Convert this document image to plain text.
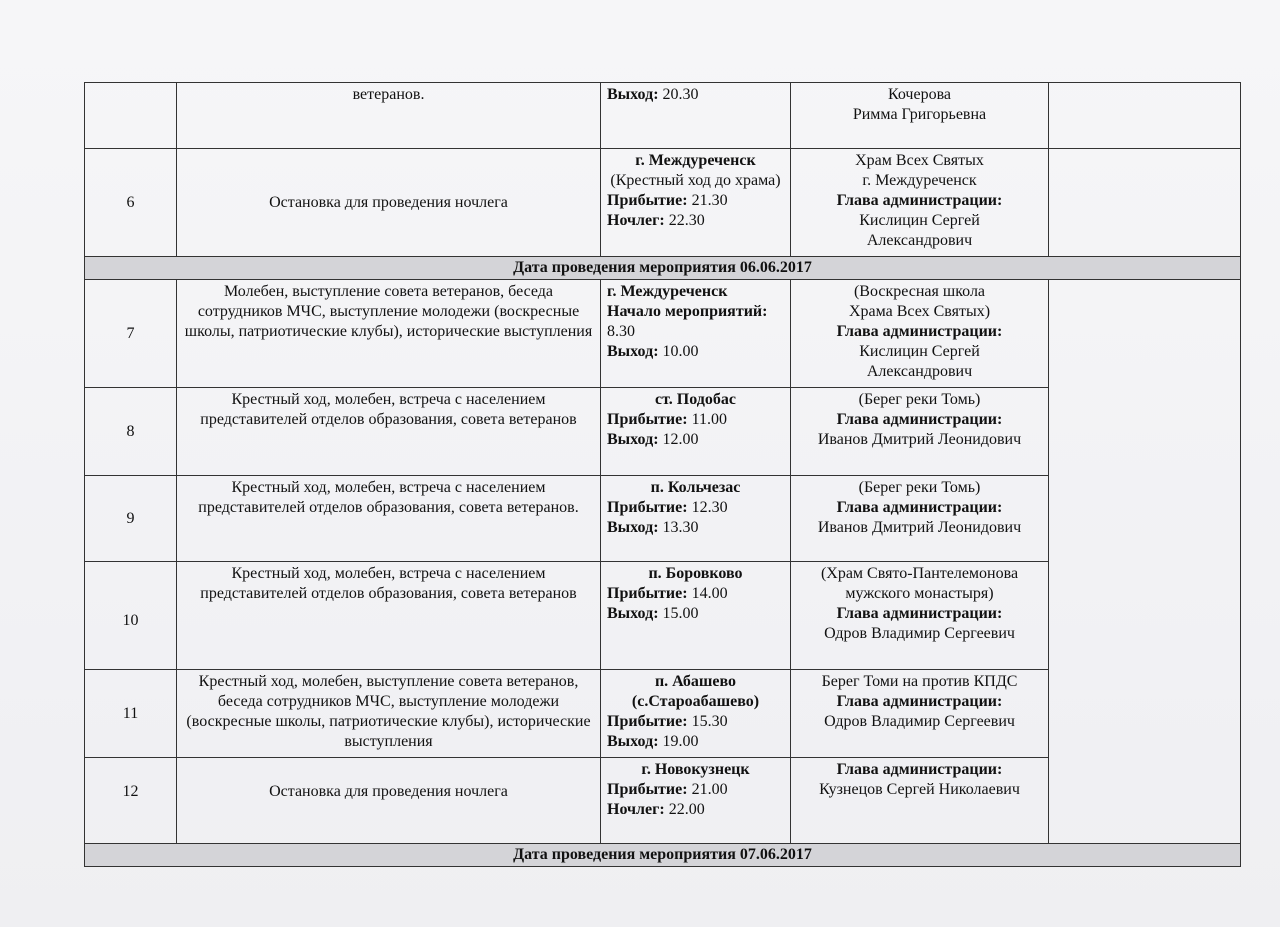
	ветеранов.	Выход: 20.30	Кочерова
Римма Григорьевна	

6	Остановка для проведения ночлега	г. Междуреченск
(Крестный ход до храма)
Прибытие: 21.30
Ночлег: 22.30	Храм Всех Святых
г. Междуреченск
Глава администрации:
Кислицин Сергей
Александрович	

Дата проведения мероприятия 06.06.2017				
7	Молебен, выступление совета ветеранов, беседа сотрудников МЧС, выступление молодежи (воскресные школы, патриотические клубы), исторические выступления	г. Междуреченск
Начало мероприятий: 8.30
Выход: 10.00	(Воскресная школа
Храма Всех Святых)
Глава администрации:
Кислицин Сергей
Александрович	

8	Крестный ход, молебен, встреча с населением представителей отделов образования, совета ветеранов	ст. Подобас
Прибытие: 11.00
Выход: 12.00	(Берег реки Томь)
Глава администрации:
Иванов Дмитрий Леонидович	

9	Крестный ход, молебен, встреча с населением представителей отделов образования, совета ветеранов.	п. Кольчезас
Прибытие: 12.30
Выход: 13.30	(Берег реки Томь)
Глава администрации:
Иванов Дмитрий Леонидович	

10	Крестный ход, молебен, встреча с населением представителей отделов образования, совета ветеранов	п. Боровково
Прибытие: 14.00
Выход: 15.00	(Храм Свято-Пантелемонова
мужского монастыря)
Глава администрации:
Одров Владимир Сергеевич	

11	Крестный ход, молебен, выступление совета ветеранов, беседа сотрудников МЧС, выступление молодежи (воскресные школы, патриотические клубы), исторические выступления	п. Абашево (с.Староабашево)
Прибытие: 15.30
Выход: 19.00	Берег Томи на против КПДС
Глава администрации:
Одров Владимир Сергеевич	

12	Остановка для проведения ночлега	г. Новокузнецк
Прибытие: 21.00
Ночлег: 22.00	Глава администрации:
Кузнецов Сергей Николаевич	

Дата проведения мероприятия 07.06.2017				
